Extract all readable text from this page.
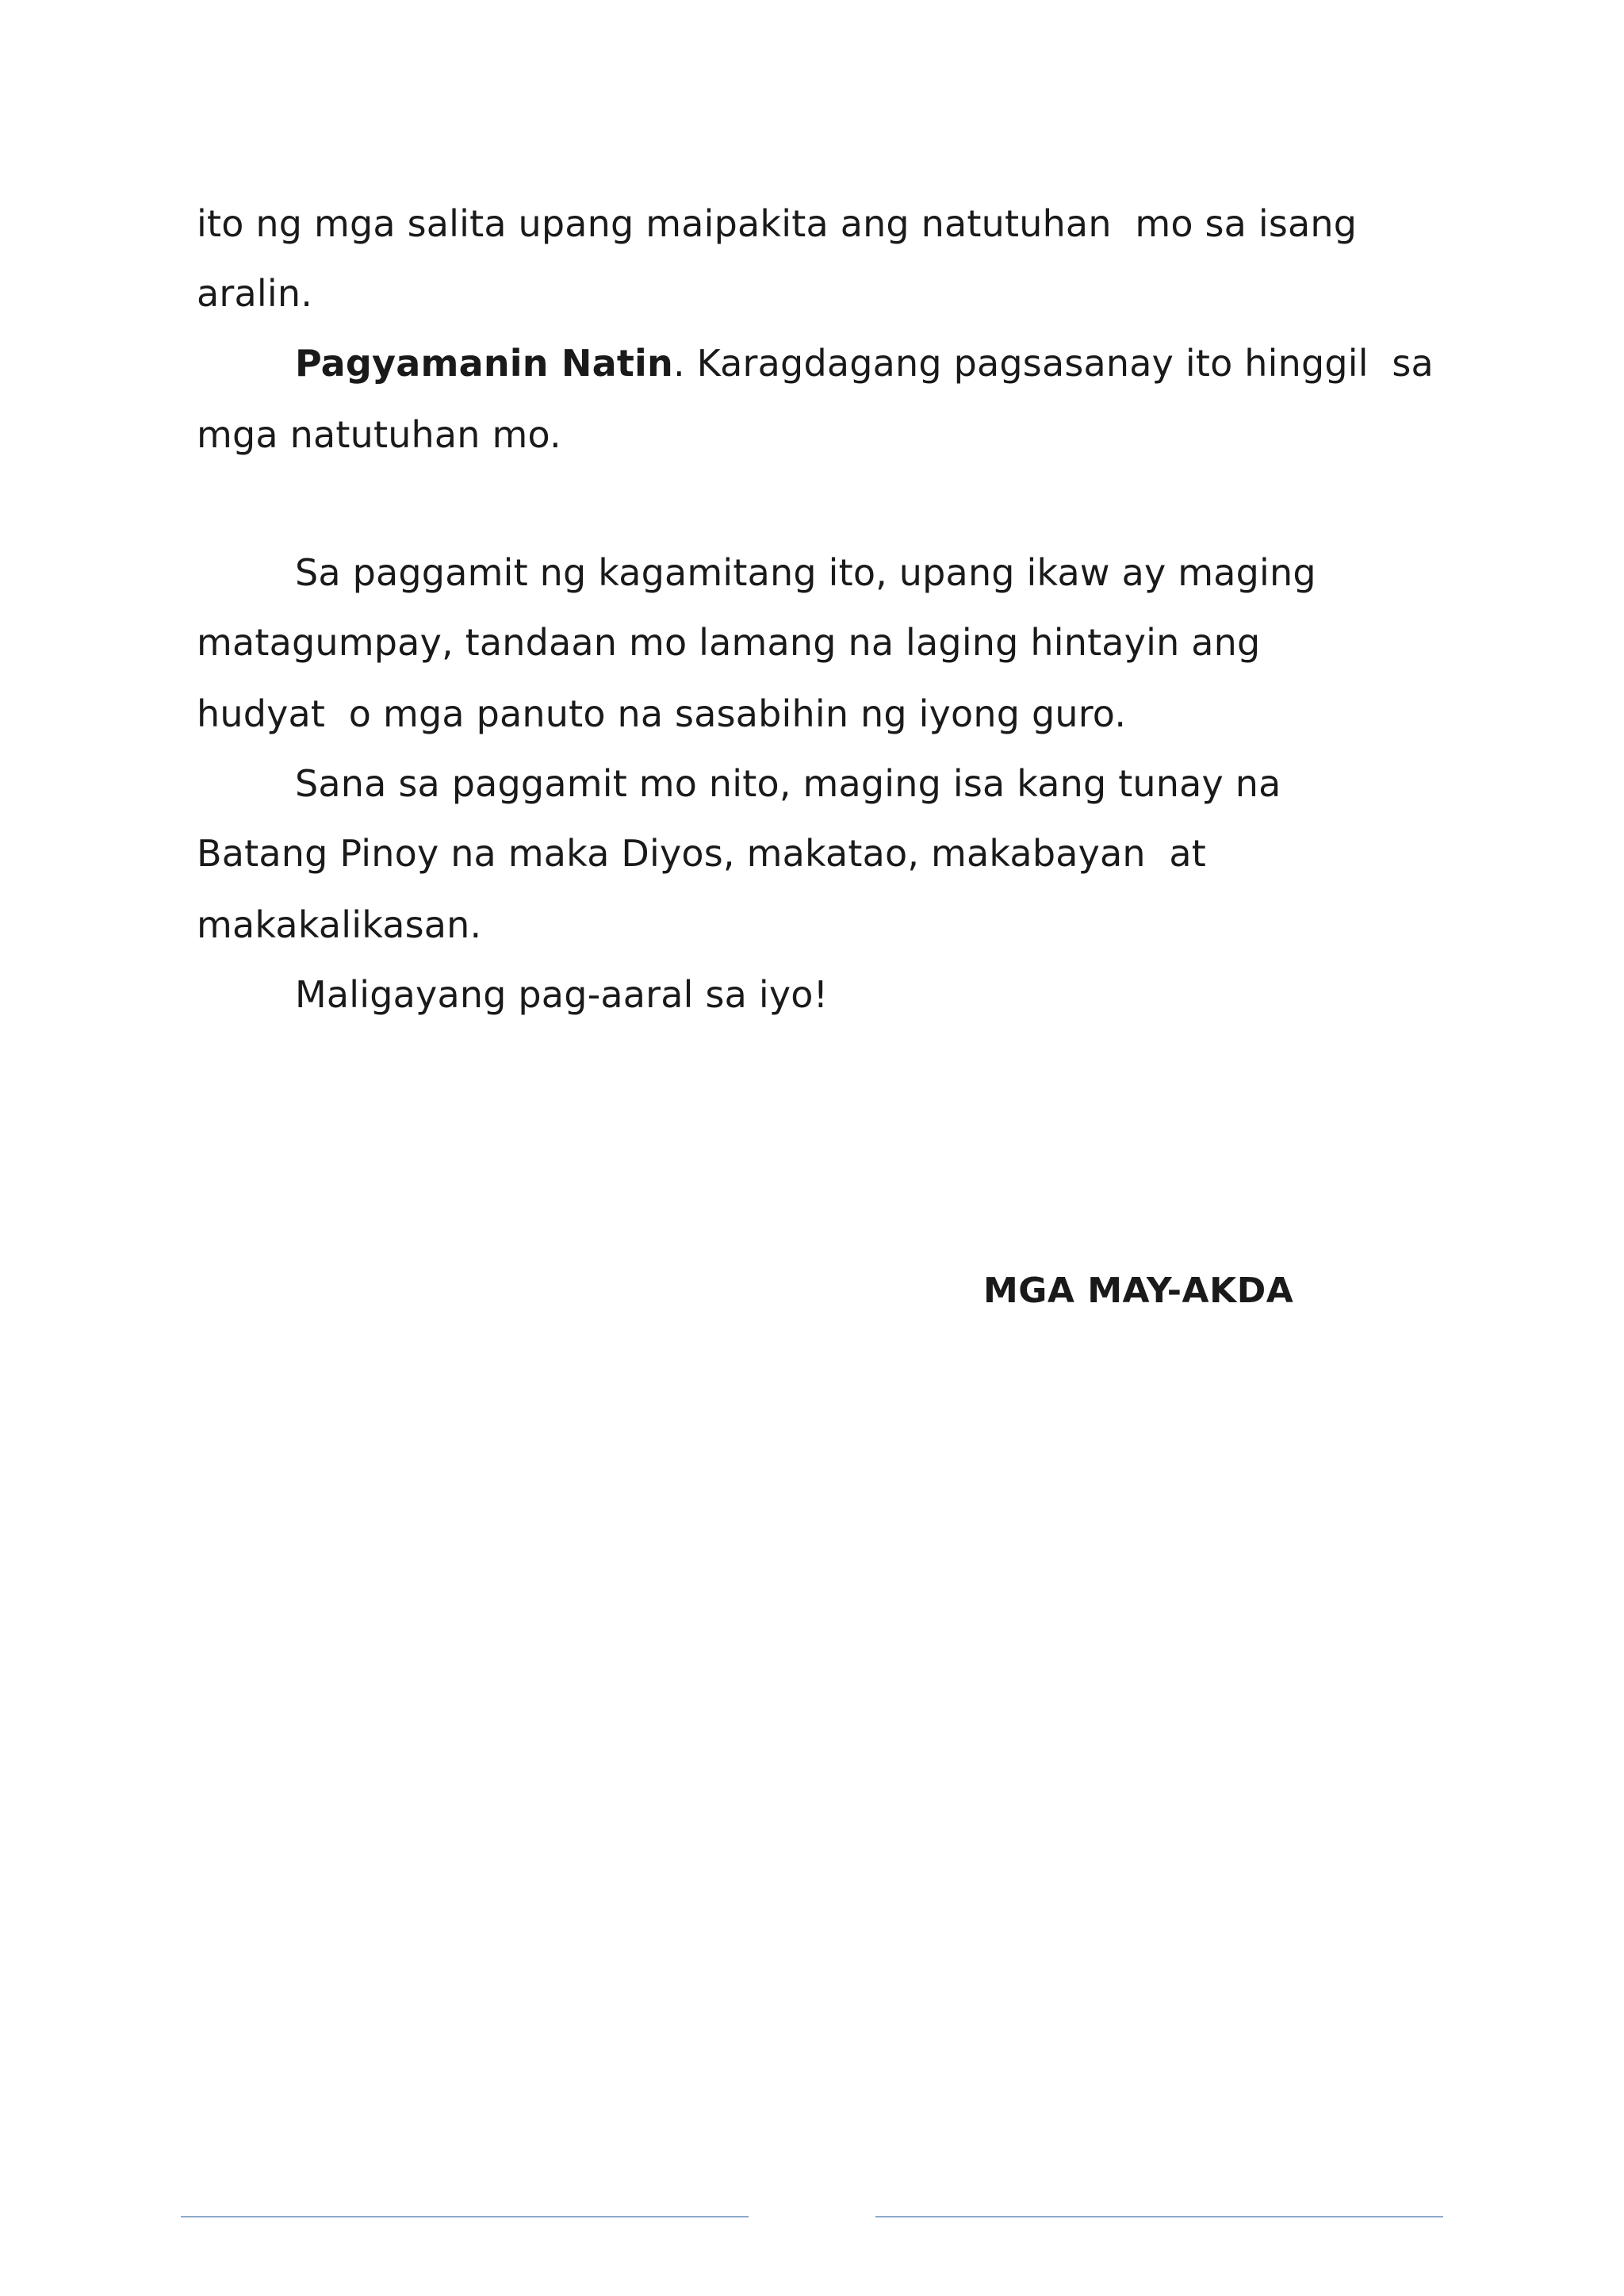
ito ng mga salita upang maipakita ang natutuhan  mo sa isang
aralin.
Pagyamanin Natin. Karagdagang pagsasanay ito hinggil  sa
mga natutuhan mo.
Sa paggamit ng kagamitang ito, upang ikaw ay maging
matagumpay, tandaan mo lamang na laging hintayin ang
hudyat  o mga panuto na sasabihin ng iyong guro.
Sana sa paggamit mo nito, maging isa kang tunay na
Batang Pinoy na maka Diyos, makatao, makabayan  at
makakalikasan.
Maligayang pag-aaral sa iyo!
MGA MAY-AKDA
